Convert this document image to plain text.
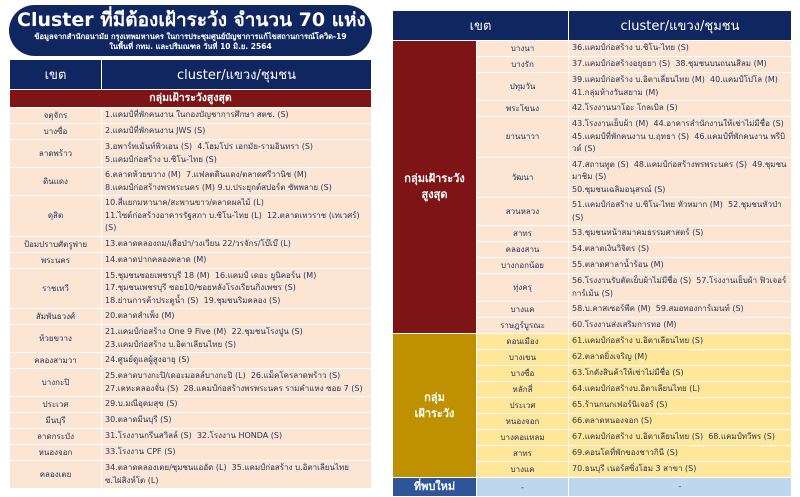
Cluster ที่มีต้องเฝ้าระวัง จำนวน 70 แห่ง
ข้อมูลจากสำนักอนามัย กรุงเทพมหานคร ในการประชุมศูนย์บัญชาการแก้ไขสถานการณ์โควิด-19
ในพื้นที่ กทม. และปริมณฑล วันที่ 10 มิ.ย. 2564
เขต	cluster/แขวง/ชุมชน
กลุ่มเฝ้าระวังสูงสุด	
จตุจักร	1.แคมป์ที่พักคนงาน ในกองบัญชาการศึกษา สตช. (S)

บางซื่อ	2.แคมป์ที่พักคนงาน JWS (S)

ลาดพร้าว	3.อพาร์ทเม้นท์พิวเอน (S)  4.โฮมโปร เอกมัย-รามอินทรา (S)
5.แคมป์ก่อสร้าง บ.ซิโน-ไทย (S)

ดินแดง	6.ตลาดห้วยขวาง (M)  7.แฟลตดินแดง/ตลาดศรีวานิช (M)
8.แคมป์ก่อสร้างพรพระนคร (M) 9.บ.ประยุกต์สปอร์ต ซัพพลาย (S)

ดุสิต	10.สี่แยกมหานาค/สะพานขาว/ตลาดผลไม้ (L)
11.ไซต์ก่อสร้างอาคารรัฐสภา บ.ซิโน-ไทย (L)  12.ตลาดเทวราช (เทเวศร์) (S)

ป้อมปราบศัตรูพ่าย	13.ตลาดคลองถม/เสือป่า/วงเวียน 22/วรจักร/โบ๊เบ๊ (L)

พระนคร	14.ตลาดปากคลองตลาด (M)

ราชเทวี	15.ชุมชนซอยเพชรบุรี 18 (M)  16.แคมป์ เดอะ ยูนิคอร์น (M)
17.ชุมชนเพชรบุรี ซอย10/ซอยหลังโรงเรียนกิ่งเพชร (S)
18.ย่านการค้าประตูน้ำ (S)  19.ชุมชนริมคลอง (S)

สัมพันธวงศ์	20.ตลาดสำเพ็ง (M)

ห้วยขวาง	21.แคมป์ก่อสร้าง One 9 Five (M)  22.ชุมชนโรงปูน (S)
23.แคมป์ก่อสร้าง บ.อิตาเลียนไทย (S)

คลองสามวา	24.ศูนย์ดูแลผู้สูงอายุ (S)

บางกะปิ	25.ตลาดบางกะปิ/เดอะมอลล์บางกะปิ (L)  26.แม็คโครลาดพร้าว (S)
27.เคหะคลองจั่น (S)  28.แคมป์ก่อสร้างพรพระนคร รามคำแหง ซอย 7 (S)

ประเวศ	29.บ.มณีอุดมสุข (S)

มีนบุรี	30.ตลาดมีนบุรี (S)

ลาดกระบัง	31.โรงงานกรีนสวิลล์ (S)  32.โรงงาน HONDA (S)

หนองจอก	33.โรงงาน CPF (S)

คลองเตย	34.ตลาดคลองเตย/ชุมชนแออัด (L)  35.แคมป์ก่อสร้าง บ.อิตาเลียนไทย ซ.ไผ่สิงห์โต (L)
เขต		cluster/แขวง/ชุมชน

กลุ่มเฝ้าระวัง
สูงสุด	บางนา	36.แคมป์ก่อสร้าง บ.ซิโน-ไทย (S)

	บางรัก	37.แคมป์ก่อสร้างอยุธยา (S)  38.ชุมชนบนถนนสีลม (M)

	ปทุมวัน	39.แคมป์ก่อสร้าง บ.อิตาเลี่ยนไทย (M)  40.แคมป์โปโล (M)
41.กลุ่มห้างวันสยาม (M)

	พระโขนง	42.โรงงานนาโอะ โกลเบิล (S)

	ยานนาวา	43.โรงงานเย็บผ้า (M)  44.อาคารสำนักงานให้เช่าไม่มีชื่อ (S)
45.แคมป์ที่พักคนงาน บ.ฤทธา (S)  46.แคมป์ที่พักคนงาน พรีบิวด์ (S)

	วัฒนา	47.สถานทูต (S)  48.แคมป์ก่อสร้างพรพระนคร (S)  49.ชุมชนมาชิม (S)
50.ชุมชนเฉลิมอนุสรณ์ (S)

	สวนหลวง	51.แคมป์ก่อสร้าง บ.ซิโน-ไทย หัวหมาก (M)  52.ชุมชนหัวป่า (S)

	สาทร	53.ชุมชนหน้าสมาคมธรรมศาสตร์ (S)

	คลองสาน	54.ตลาดเงินวิจิตร (S)

	บางกอกน้อย	55.ตลาดศาลาน้ำร้อน (M)

	ทุ่งครุ	56.โรงงานรับตัดเย็บผ้าไม่มีชื่อ (S)  57.โรงงานเย็บผ้า ฟิวเจอร์การ์เม้น (S)

	บางแค	58.บ.คาสเซอร์พีค (M)  59.สมอทองการ์เมนท์ (S)

	ราษฎร์บูรณะ	60.โรงงานส่งเสริมการทอ (M)

กลุ่ม
เฝ้าระวัง	ดอนเมือง	61.แคมป์ก่อสร้าง บ.อิตาเลียนไทย (S)

	บางเขน	62.ตลาดยิ่งเจริญ (M)

	บางซื่อ	63.โกดังสินค้าให้เช่าไม่มีชื่อ (S)

	หลักสี่	64.แคมป์ก่อสร้างบ.อิตาเลียนไทย (L)

	ประเวศ	65.ร้านกนกเฟอร์นิเจอร์ (S)

	หนองจอก	66.ตลาดหนองจอก (S)

	บางคอแหลม	67.แคมป์ก่อสร้าง บ.อิตาเลียนไทย (S)  68.แคมป์ทวีพร (S)

	สาทร	69.คอนโดที่พักของชาวกินี (S)

	บางแค	70.ธนบุรี เนอร์สซิ่งโฮม 3 สาขา (S)

ที่พบใหม่	-	-
